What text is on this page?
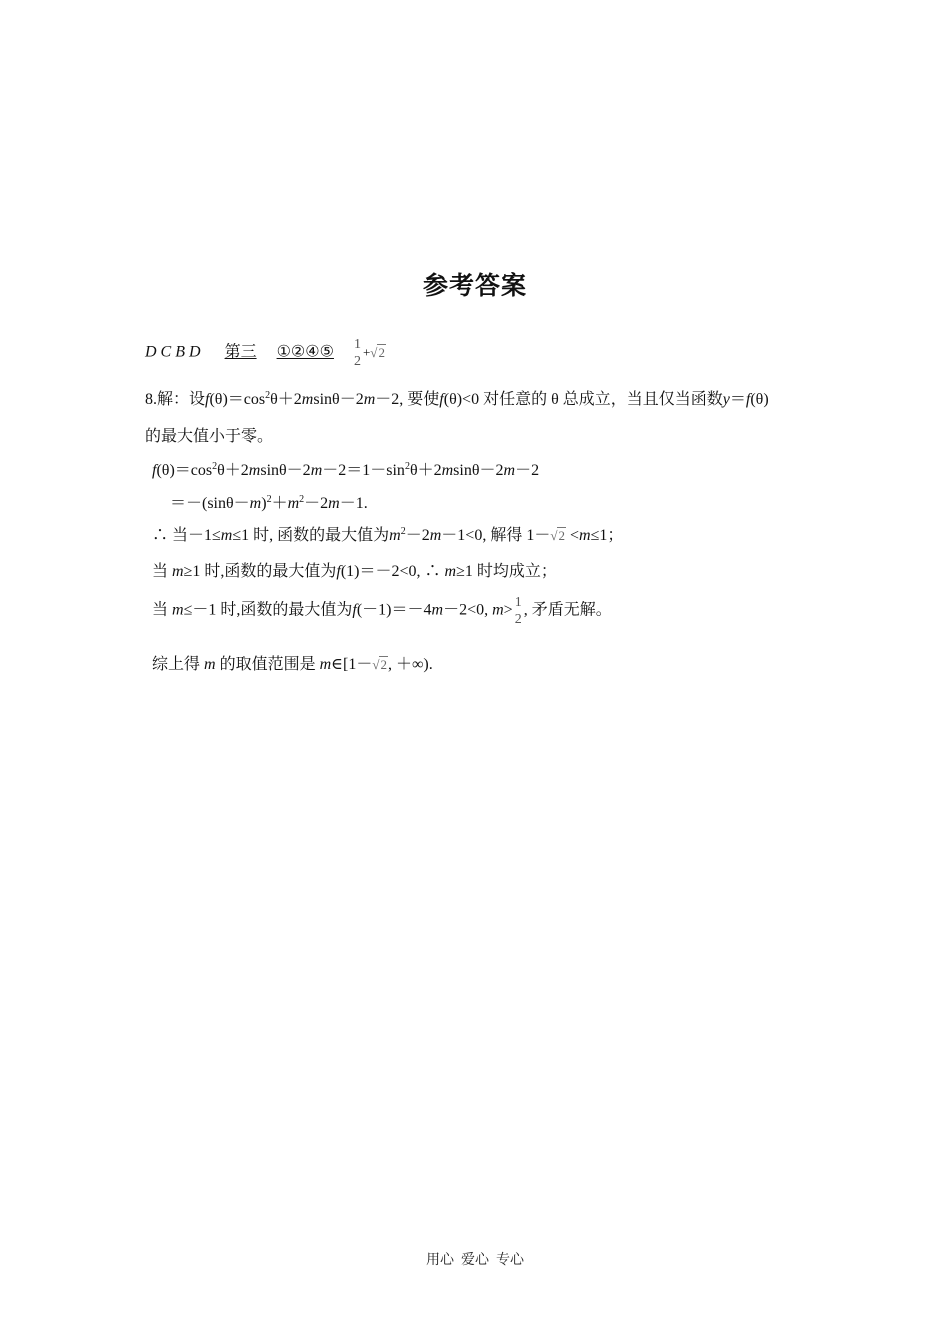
参考答案
D C B D 第三 ①②④⑤ 1
2
+√2
8.解：设$f(\theta)=\cos^2\theta+2msin\theta-2m-2$, 要使f(θ)<0 对任意的 θ 总成立，当且仅当函数y＝f(θ)
的最大值小于零。
$f(\theta)=\cos^2\theta+2msin\theta-2m-2=1-\sin^2\theta+2msin\theta-2m-2$
$=-(\sin\theta-m)^2+m^2-2m-1$.
∴ 当－1≤m≤1 时, 函数的最大值为$m^2-2m-1<0$, 解得 1－√2 <m≤1；
当 m≥1 时,函数的最大值为f(1)＝－2<0, ∴ m≥1 时均成立；
当 m≤－1 时,函数的最大值为f(－1)＝－4m－2<0, m> 1
2
, 矛盾无解。
综上得 m 的取值范围是 m∈[1－√2, ＋∞).
用心  爱心  专心
